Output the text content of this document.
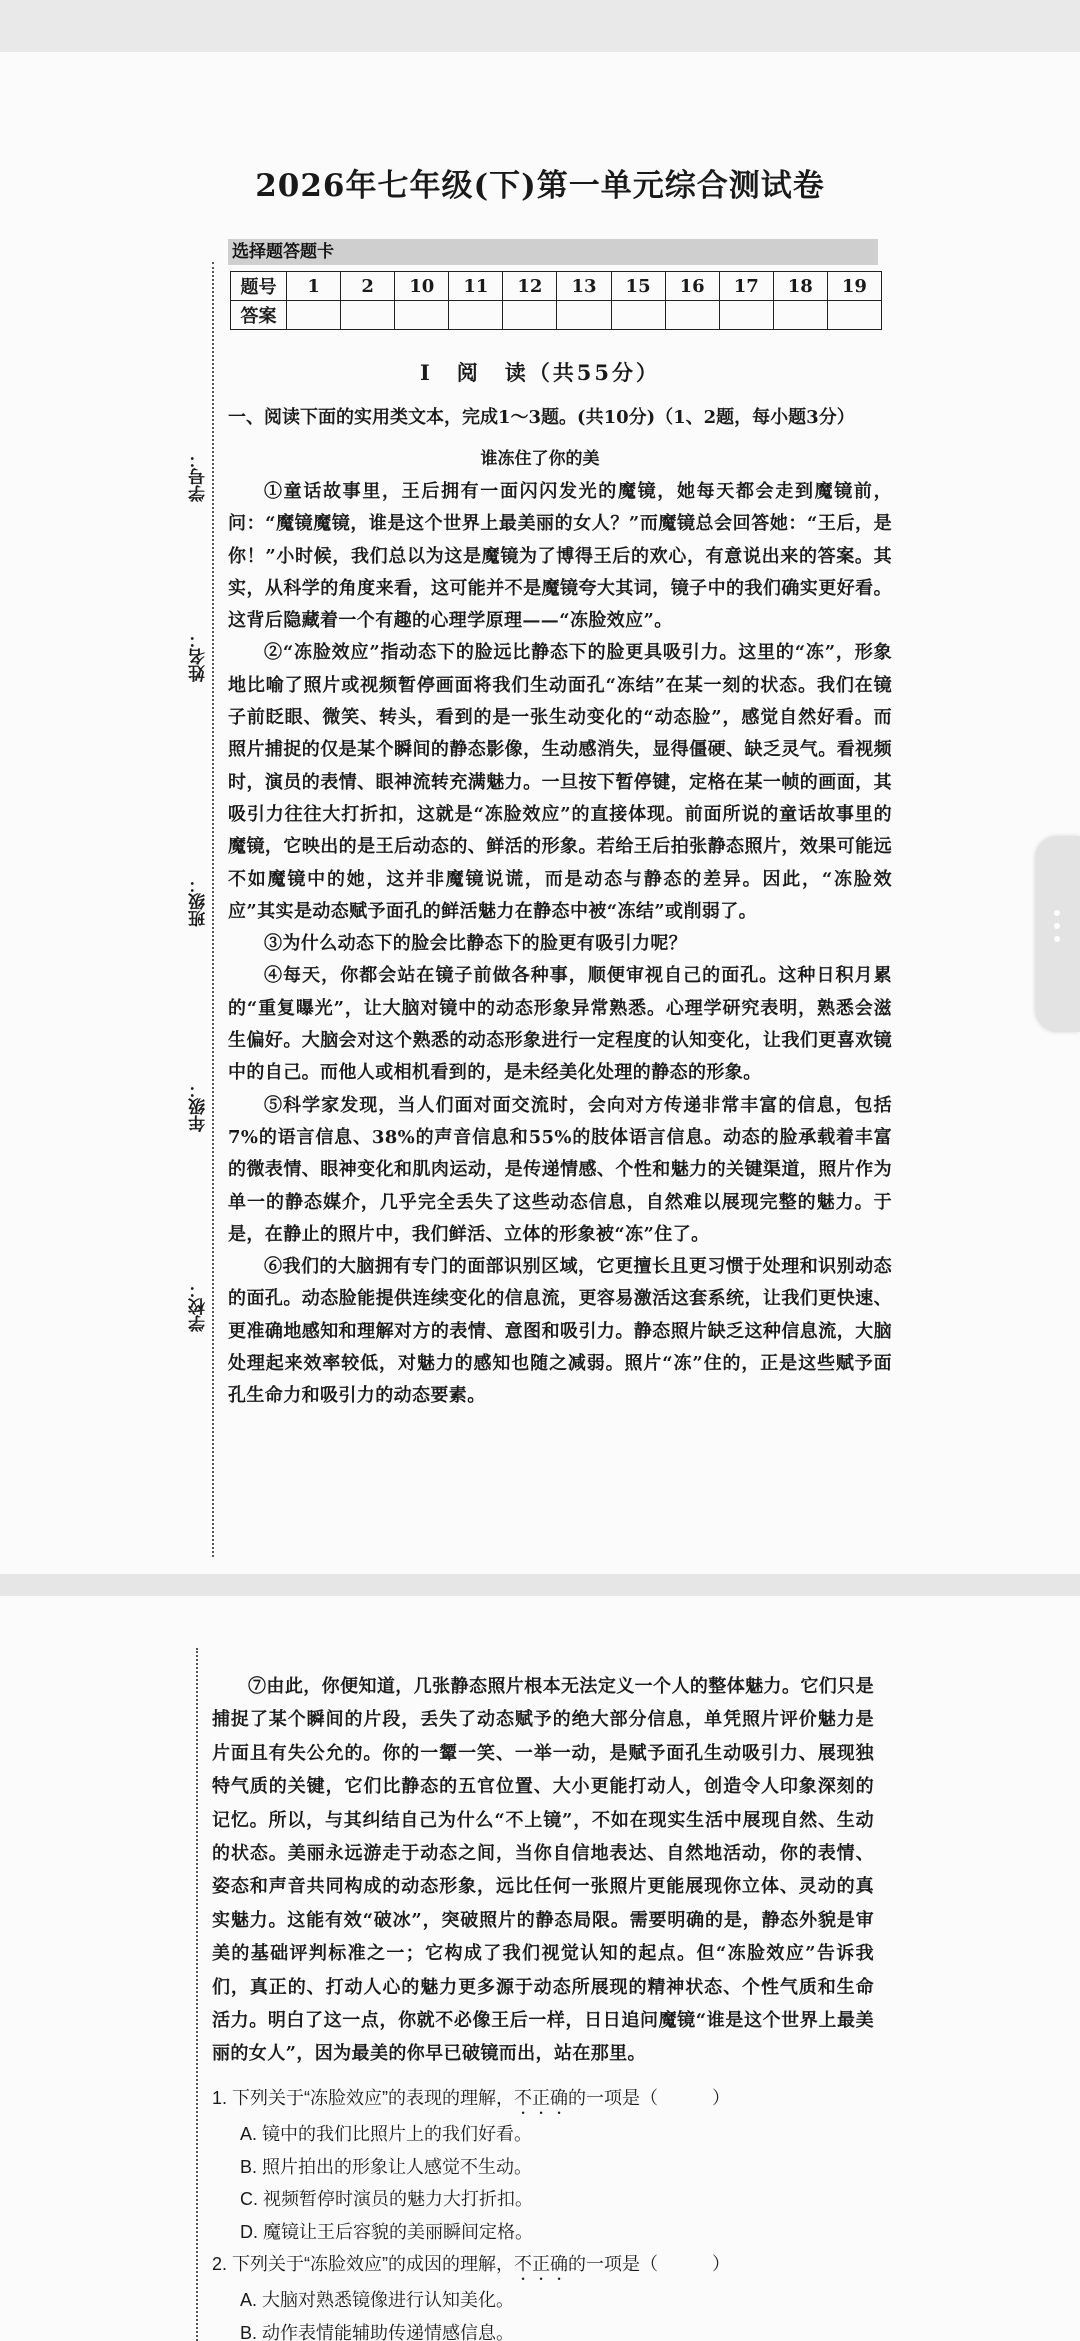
2026年七年级(下)第一单元综合测试卷
学号：
姓名：
班级：
年级：
学校：
选择题答题卡
题号	1	2	10	11	12	13	15	16	17	18	19
答案											
Ⅰ　阅　读（共55分）
一、阅读下面的实用类文本，完成1～3题。(共10分)（1、2题，每小题3分）
谁冻住了你的美

①童话故事里，王后拥有一面闪闪发光的魔镜，她每天都会走到魔镜前，问：“魔镜魔镜，谁是这个世界上最美丽的女人？”而魔镜总会回答她：“王后，是你！”小时候，我们总以为这是魔镜为了博得王后的欢心，有意说出来的答案。其实，从科学的角度来看，这可能并不是魔镜夸大其词，镜子中的我们确实更好看。这背后隐藏着一个有趣的心理学原理——“冻脸效应”。

②“冻脸效应”指动态下的脸远比静态下的脸更具吸引力。这里的“冻”，形象地比喻了照片或视频暂停画面将我们生动面孔“冻结”在某一刻的状态。我们在镜子前眨眼、微笑、转头，看到的是一张生动变化的“动态脸”，感觉自然好看。而照片捕捉的仅是某个瞬间的静态影像，生动感消失，显得僵硬、缺乏灵气。看视频时，演员的表情、眼神流转充满魅力。一旦按下暂停键，定格在某一帧的画面，其吸引力往往大打折扣，这就是“冻脸效应”的直接体现。前面所说的童话故事里的魔镜，它映出的是王后动态的、鲜活的形象。若给王后拍张静态照片，效果可能远不如魔镜中的她，这并非魔镜说谎，而是动态与静态的差异。因此，“冻脸效应”其实是动态赋予面孔的鲜活魅力在静态中被“冻结”或削弱了。

③为什么动态下的脸会比静态下的脸更有吸引力呢？

④每天，你都会站在镜子前做各种事，顺便审视自己的面孔。这种日积月累的“重复曝光”，让大脑对镜中的动态形象异常熟悉。心理学研究表明，熟悉会滋生偏好。大脑会对这个熟悉的动态形象进行一定程度的认知变化，让我们更喜欢镜中的自己。而他人或相机看到的，是未经美化处理的静态的形象。

⑤科学家发现，当人们面对面交流时，会向对方传递非常丰富的信息，包括7%的语言信息、38%的声音信息和55%的肢体语言信息。动态的脸承载着丰富的微表情、眼神变化和肌肉运动，是传递情感、个性和魅力的关键渠道，照片作为单一的静态媒介，几乎完全丢失了这些动态信息，自然难以展现完整的魅力。于是，在静止的照片中，我们鲜活、立体的形象被“冻”住了。

⑥我们的大脑拥有专门的面部识别区域，它更擅长且更习惯于处理和识别动态的面孔。动态脸能提供连续变化的信息流，更容易激活这套系统，让我们更快速、更准确地感知和理解对方的表情、意图和吸引力。静态照片缺乏这种信息流，大脑处理起来效率较低，对魅力的感知也随之减弱。照片“冻”住的，正是这些赋予面孔生命力和吸引力的动态要素。

⑦由此，你便知道，几张静态照片根本无法定义一个人的整体魅力。它们只是捕捉了某个瞬间的片段，丢失了动态赋予的绝大部分信息，单凭照片评价魅力是片面且有失公允的。你的一颦一笑、一举一动，是赋予面孔生动吸引力、展现独特气质的关键，它们比静态的五官位置、大小更能打动人，创造令人印象深刻的记忆。所以，与其纠结自己为什么“不上镜”，不如在现实生活中展现自然、生动的状态。美丽永远游走于动态之间，当你自信地表达、自然地活动，你的表情、姿态和声音共同构成的动态形象，远比任何一张照片更能展现你立体、灵动的真实魅力。这能有效“破冰”，突破照片的静态局限。需要明确的是，静态外貌是审美的基础评判标准之一；它构成了我们视觉认知的起点。但“冻脸效应”告诉我们，真正的、打动人心的魅力更多源于动态所展现的精神状态、个性气质和生命活力。明白了这一点，你就不必像王后一样，日日追问魔镜“谁是这个世界上最美丽的女人”，因为最美的你早已破镜而出，站在那里。

1. 下列关于“冻脸效应”的表现的理解，不正确的一项是（　　　）
A. 镜中的我们比照片上的我们好看。
B. 照片拍出的形象让人感觉不生动。
C. 视频暂停时演员的魅力大打折扣。
D. 魔镜让王后容貌的美丽瞬间定格。
2. 下列关于“冻脸效应”的成因的理解，不正确的一项是（　　　）
A. 大脑对熟悉镜像进行认知美化。
B. 动作表情能辅助传递情感信息。
